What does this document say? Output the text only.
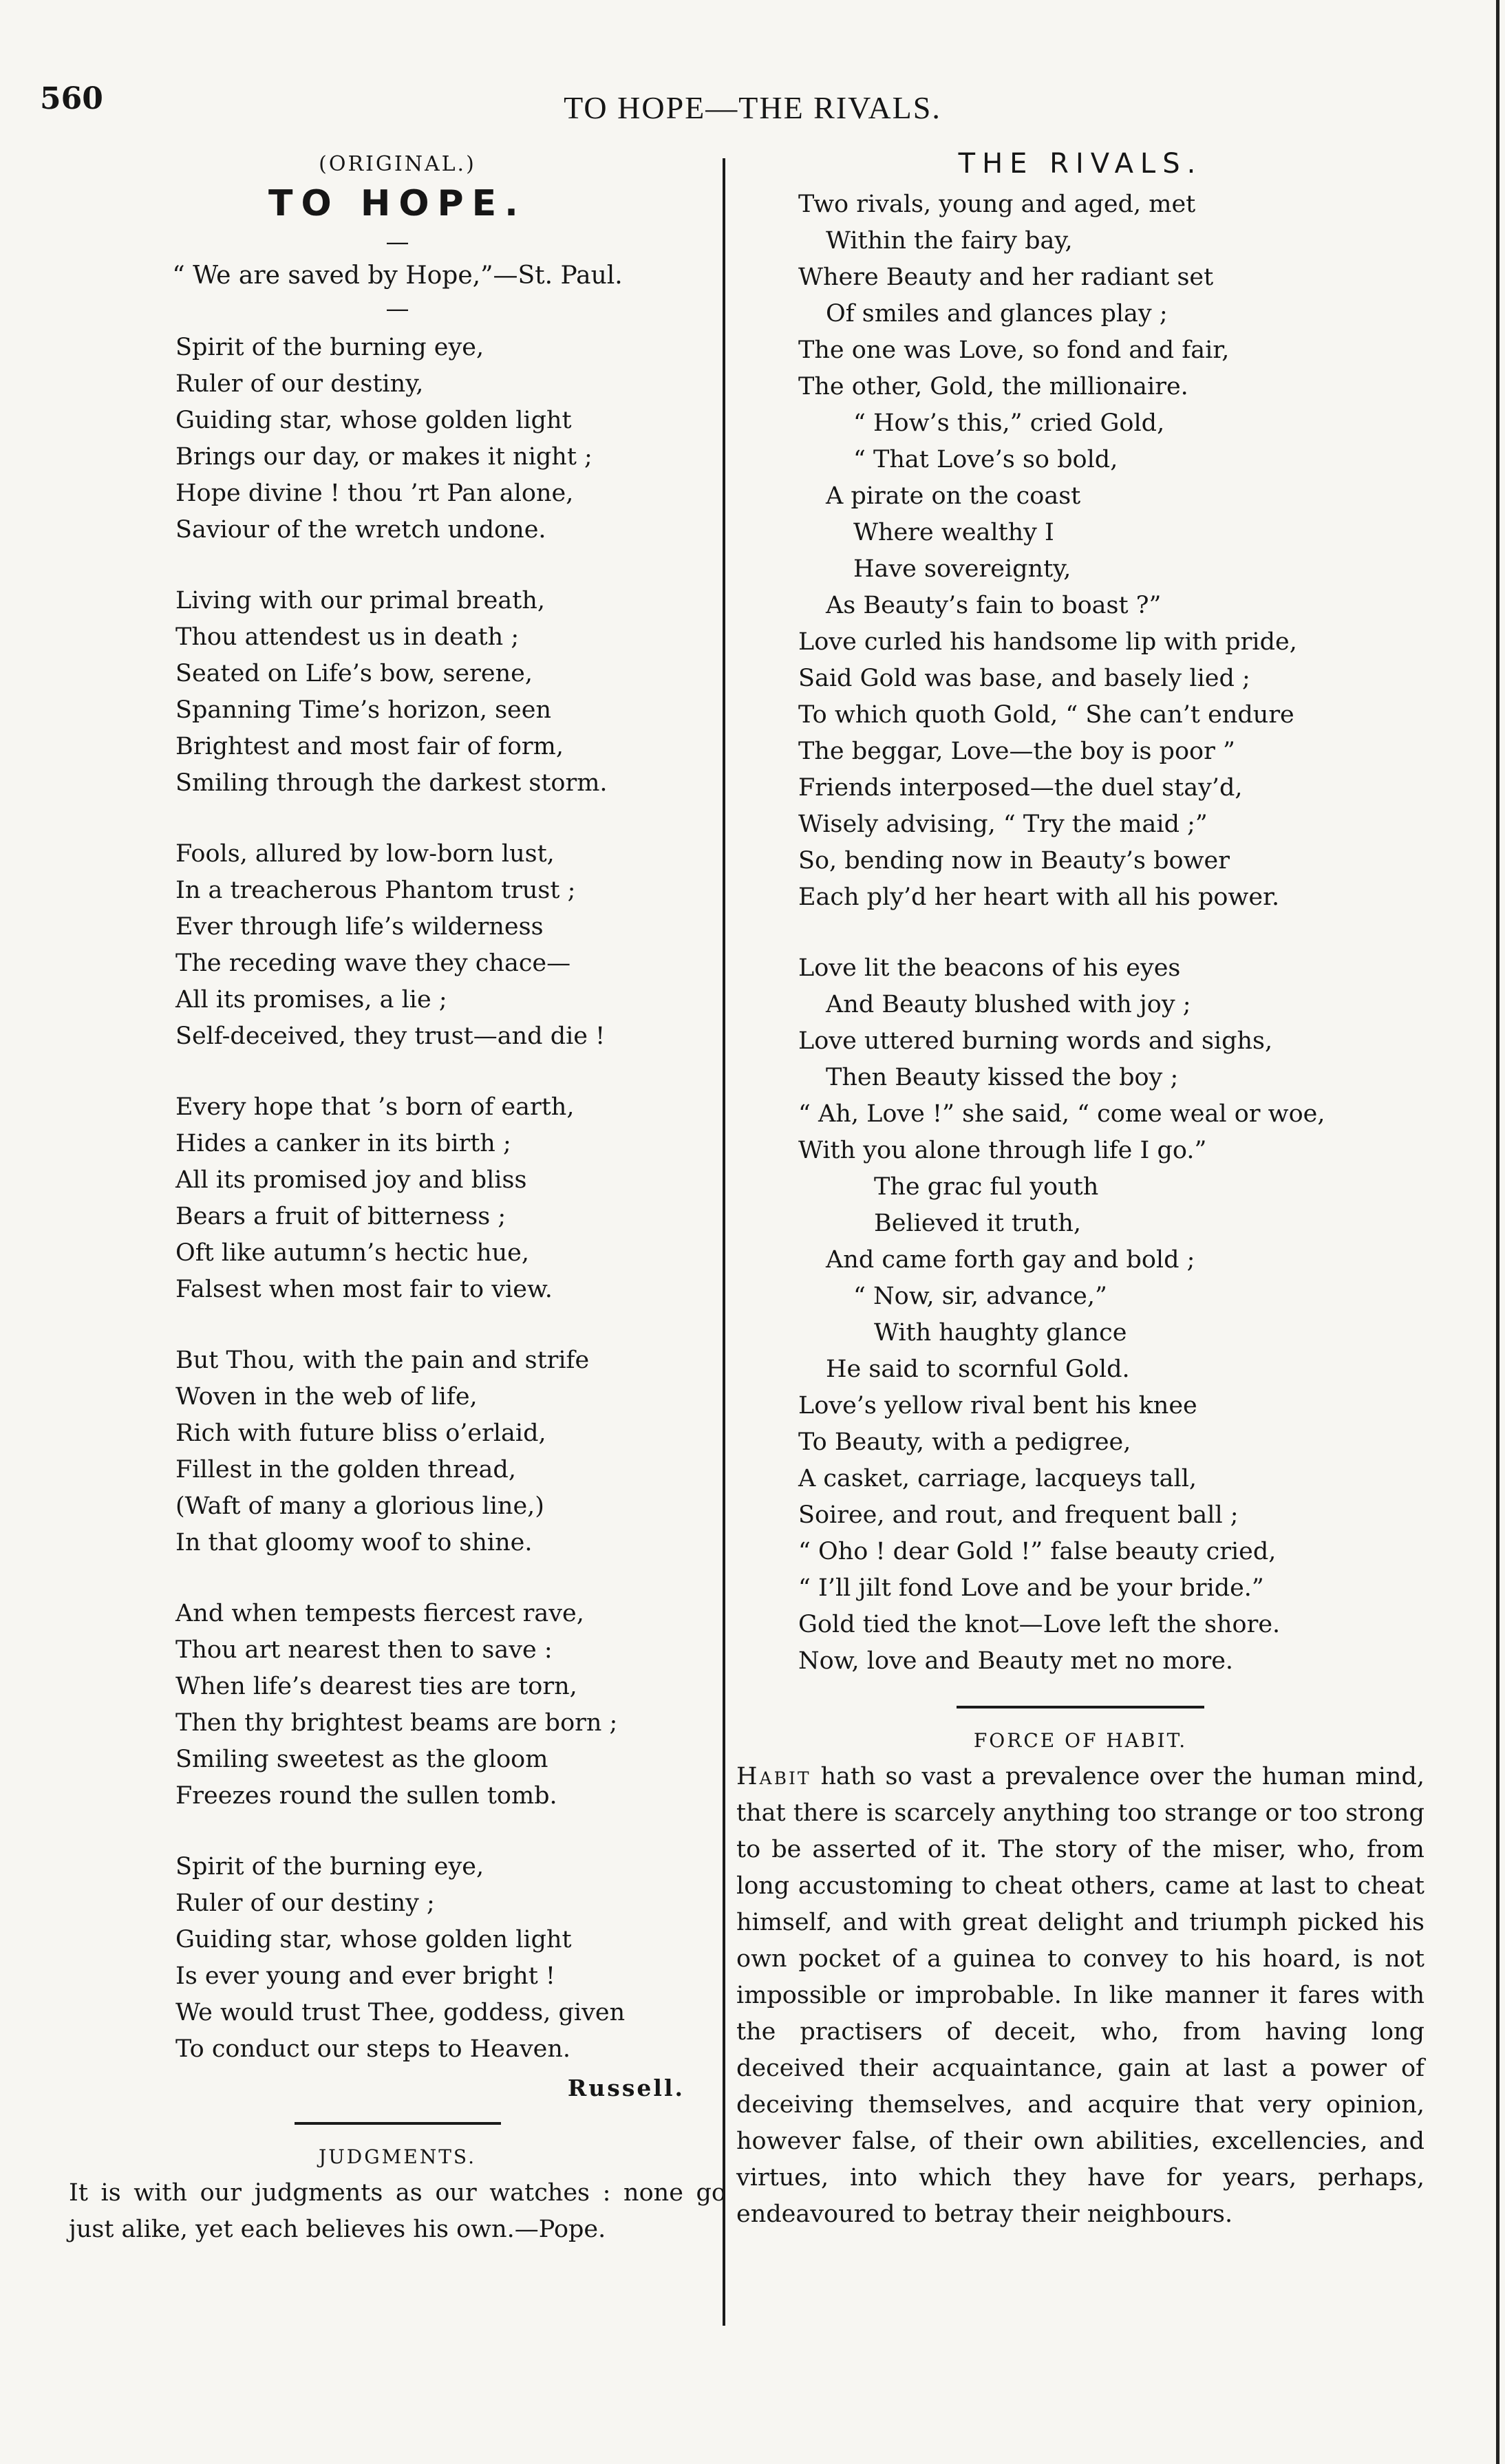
560	TO HOPE—THE RIVALS.
(ORIGINAL.)
TO HOPE.
—
“ We are saved by Hope,”—St. Paul.
—
Spirit of the burning eye,
Ruler of our destiny,
Guiding star, whose golden light
Brings our day, or makes it night ;
Hope divine ! thou ’rt Pan alone,
Saviour of the wretch undone.
Living with our primal breath,
Thou attendest us in death ;
Seated on Life’s bow, serene,
Spanning Time’s horizon, seen
Brightest and most fair of form,
Smiling through the darkest storm.
Fools, allured by low-born lust,
In a treacherous Phantom trust ;
Ever through life’s wilderness
The receding wave they chace—
All its promises, a lie ;
Self-deceived, they trust—and die !
Every hope that ’s born of earth,
Hides a canker in its birth ;
All its promised joy and bliss
Bears a fruit of bitterness ;
Oft like autumn’s hectic hue,
Falsest when most fair to view.
But Thou, with the pain and strife
Woven in the web of life,
Rich with future bliss o’erlaid,
Fillest in the golden thread,
(Waft of many a glorious line,)
In that gloomy woof to shine.
And when tempests fiercest rave,
Thou art nearest then to save :
When life’s dearest ties are torn,
Then thy brightest beams are born ;
Smiling sweetest as the gloom
Freezes round the sullen tomb.
Spirit of the burning eye,
Ruler of our destiny ;
Guiding star, whose golden light
Is ever young and ever bright !
We would trust Thee, goddess, given
To conduct our steps to Heaven.
Russell.
JUDGMENTS.
It is with our judgments as our watches : none go just alike, yet each believes his own.—Pope.
THE RIVALS.
Two rivals, young and aged, met
Within the fairy bay,
Where Beauty and her radiant set
Of smiles and glances play ;
The one was Love, so fond and fair,
The other, Gold, the millionaire.
“ How’s this,” cried Gold,
“ That Love’s so bold,
A pirate on the coast
Where wealthy I
Have sovereignty,
As Beauty’s fain to boast ?”
Love curled his handsome lip with pride,
Said Gold was base, and basely lied ;
To which quoth Gold, “ She can’t endure
The beggar, Love—the boy is poor ”
Friends interposed—the duel stay’d,
Wisely advising, “ Try the maid ;”
So, bending now in Beauty’s bower
Each ply’d her heart with all his power.
Love lit the beacons of his eyes
And Beauty blushed with joy ;
Love uttered burning words and sighs,
Then Beauty kissed the boy ;
“ Ah, Love !” she said, “ come weal or woe,
With you alone through life I go.”
The grac ful youth
Believed it truth,
And came forth gay and bold ;
“ Now, sir, advance,”
With haughty glance
He said to scornful Gold.
Love’s yellow rival bent his knee
To Beauty, with a pedigree,
A casket, carriage, lacqueys tall,
Soiree, and rout, and frequent ball ;
“ Oho ! dear Gold !” false beauty cried,
“ I’ll jilt fond Love and be your bride.”
Gold tied the knot—Love left the shore.
Now, love and Beauty met no more.
FORCE OF HABIT.
Habit hath so vast a prevalence over the human mind, that there is scarcely anything too strange or too strong to be asserted of it. The story of the miser, who, from long accustoming to cheat others, came at last to cheat himself, and with great delight and triumph picked his own pocket of a guinea to convey to his hoard, is not impossible or improbable. In like manner it fares with the practisers of deceit, who, from having long deceived their acquaintance, gain at last a power of deceiving themselves, and acquire that very opinion, however false, of their own abilities, excellencies, and virtues, into which they have for years, perhaps, endeavoured to betray their neighbours.
